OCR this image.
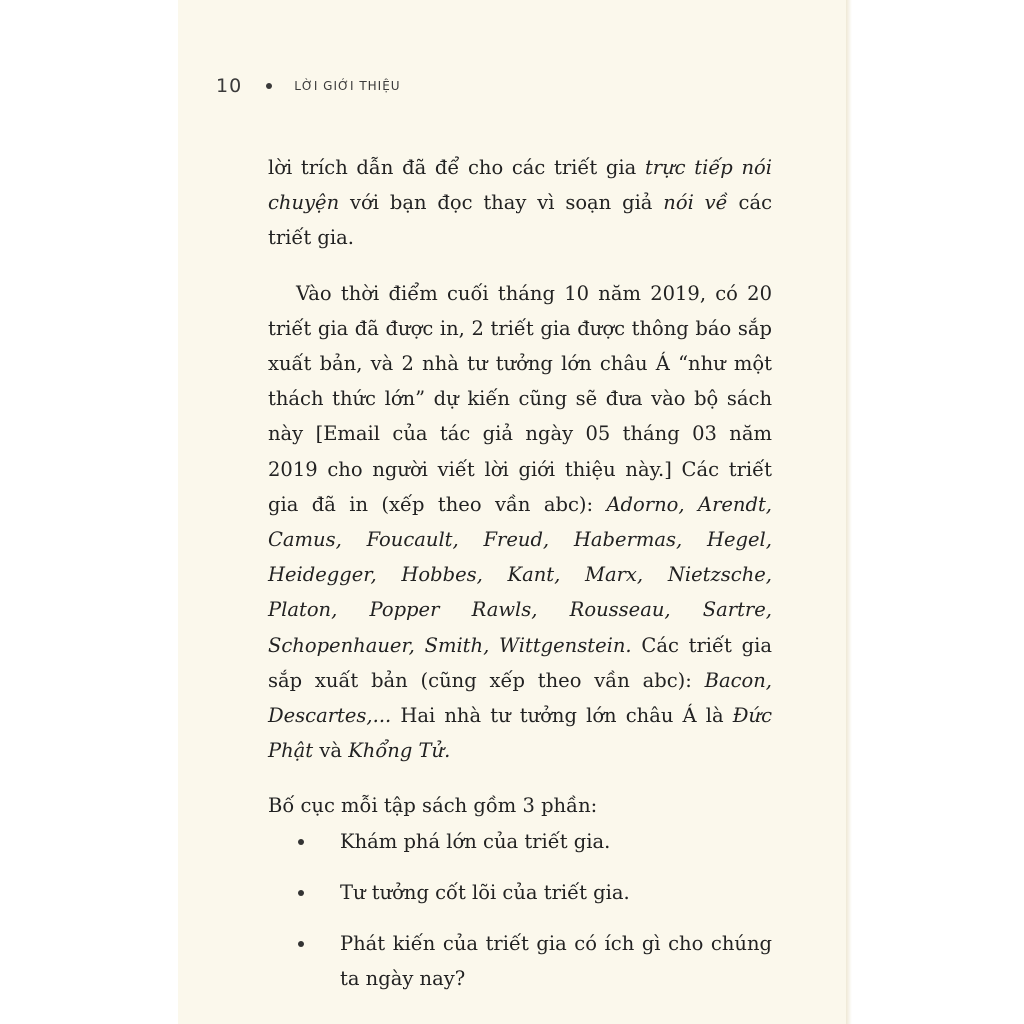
10	LỜI GIỚI THIỆU

lời trích dẫn đã để cho các triết gia trực tiếp nói chuyện với bạn đọc thay vì soạn giả nói về các triết gia.

Vào thời điểm cuối tháng 10 năm 2019, có 20 triết gia đã được in, 2 triết gia được thông báo sắp xuất bản, và 2 nhà tư tưởng lớn châu Á “như một thách thức lớn” dự kiến cũng sẽ đưa vào bộ sách này [Email của tác giả ngày 05 tháng 03 năm 2019 cho người viết lời giới thiệu này.] Các triết gia đã in (xếp theo vần abc): Adorno, Arendt, Camus, Foucault, Freud, Habermas, Hegel, Heidegger, Hobbes, Kant, Marx, Nietzsche, Platon, Popper Rawls, Rousseau, Sartre, Schopenhauer, Smith, Wittgenstein. Các triết gia sắp xuất bản (cũng xếp theo vần abc): Bacon, Descartes,... Hai nhà tư tưởng lớn châu Á là Đức Phật và Khổng Tử.

Bố cục mỗi tập sách gồm 3 phần:

Khám phá lớn của triết gia.
Tư tưởng cốt lõi của triết gia.
Phát kiến của triết gia có ích gì cho chúng ta ngày nay?
